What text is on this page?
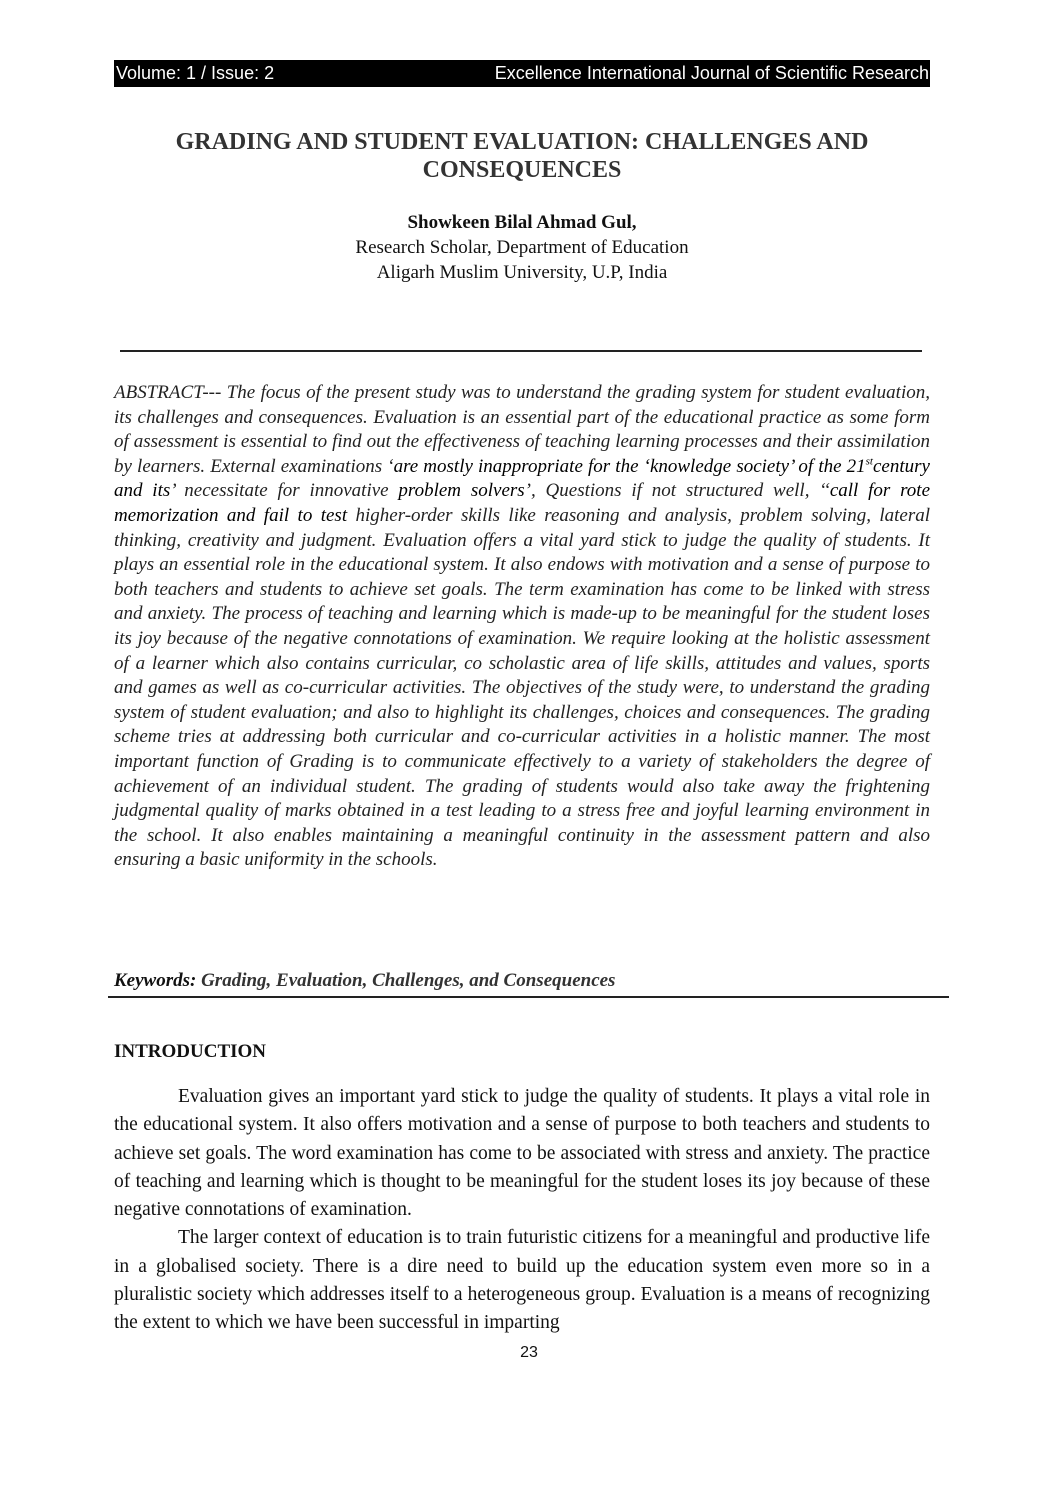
Volume: 1 / Issue: 2	Excellence International Journal of Scientific Research
GRADING AND STUDENT EVALUATION: CHALLENGES AND
CONSEQUENCES
Showkeen Bilal Ahmad Gul,
Research Scholar, Department of Education
Aligarh Muslim University, U.P, India
ABSTRACT--- The focus of the present study was to understand the grading system for student evaluation, its challenges and consequences. Evaluation is an essential part of the educational practice as some form of assessment is essential to find out the effectiveness of teaching learning processes and their assimilation by learners. External examinations ‘are mostly inappropriate for the ‘knowledge society’ of the 21stcentury and its’ necessitate for innovative problem solvers’, Questions if not structured well, ‘‘call for rote memorization and fail to test higher-order skills like reasoning and analysis, problem solving, lateral thinking, creativity and judgment. Evaluation offers a vital yard stick to judge the quality of students. It plays an essential role in the educational system. It also endows with motivation and a sense of purpose to both teachers and students to achieve set goals. The term examination has come to be linked with stress and anxiety. The process of teaching and learning which is made-up to be meaningful for the student loses its joy because of the negative connotations of examination. We require looking at the holistic assessment of a learner which also contains curricular, co scholastic area of life skills, attitudes and values, sports and games as well as co-curricular activities. The objectives of the study were, to understand the grading system of student evaluation; and also to highlight its challenges, choices and consequences. The grading scheme tries at addressing both curricular and co-curricular activities in a holistic manner. The most important function of Grading is to communicate effectively to a variety of stakeholders the degree of achievement of an individual student. The grading of students would also take away the frightening judgmental quality of marks obtained in a test leading to a stress free and joyful learning environment in the school. It also enables maintaining a meaningful continuity in the assessment pattern and also ensuring a basic uniformity in the schools.
Keywords: Grading, Evaluation, Challenges, and Consequences
INTRODUCTION

Evaluation gives an important yard stick to judge the quality of students. It plays a vital role in the educational system. It also offers motivation and a sense of purpose to both teachers and students to achieve set goals. The word examination has come to be associated with stress and anxiety. The practice of teaching and learning which is thought to be meaningful for the student loses its joy because of these negative connotations of examination.

The larger context of education is to train futuristic citizens for a meaningful and productive life in a globalised society. There is a dire need to build up the education system even more so in a pluralistic society which addresses itself to a heterogeneous group. Evaluation is a means of recognizing the extent to which we have been successful in imparting

23
